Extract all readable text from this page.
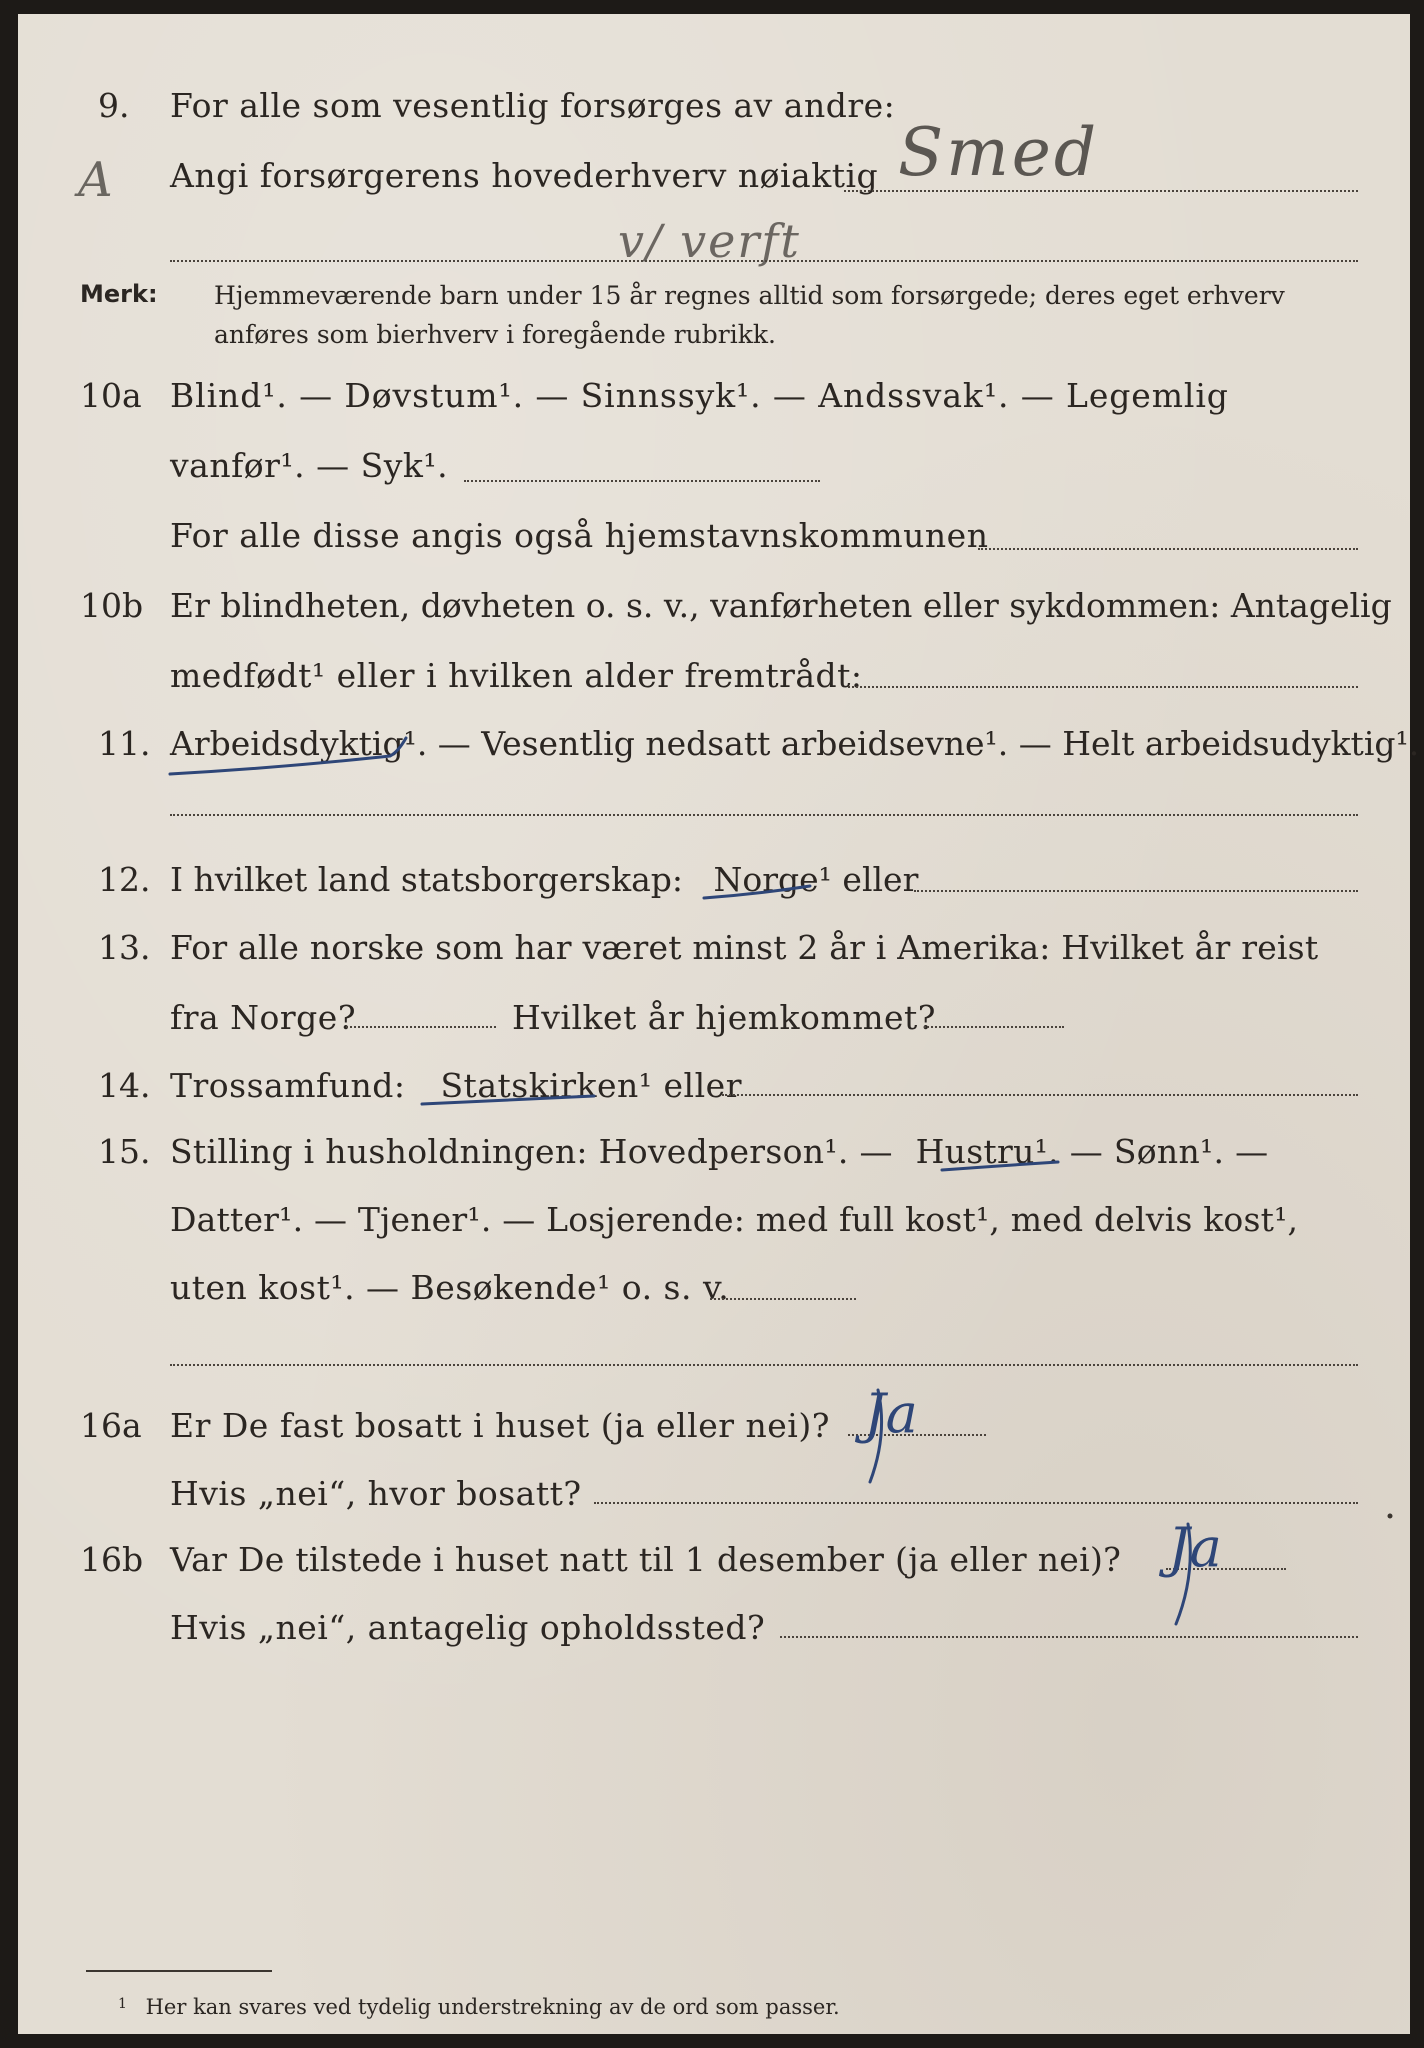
9. For alle som vesentlig forsørges av andre:
A Angi forsørgerens hovederhverv nøiaktig Smed
v/ verft
Merk: Hjemmeværende barn under 15 år regnes alltid som forsørgede; deres eget erhverv
anføres som bierhverv i foregående rubrikk.
10a Blind¹. — Døvstum¹. — Sinnssyk¹. — Andssvak¹. — Legemlig
vanfør¹. — Syk¹.
For alle disse angis også hjemstavnskommunen
10b Er blindheten, døvheten o. s. v., vanførheten eller sykdommen: Antagelig
medfødt¹ eller i hvilken alder fremtrådt:
11. Arbeidsdyktig¹. — Vesentlig nedsatt arbeidsevne¹. — Helt arbeidsudyktig¹.
12. I hvilket land statsborgerskap: Norge¹ eller
13. For alle norske som har været minst 2 år i Amerika: Hvilket år reist
fra Norge?	Hvilket år hjemkommet?
14. Trossamfund: Statskirken¹ eller
15. Stilling i husholdningen: Hovedperson¹. — Hustru¹. — Sønn¹. —
Datter¹. — Tjener¹. — Losjerende: med full kost¹, med delvis kost¹,
uten kost¹. — Besøkende¹ o. s. v.
16a Er De fast bosatt i huset (ja eller nei)? Ja
Hvis „nei“, hvor bosatt?
16b Var De tilstede i huset natt til 1 desember (ja eller nei)? Ja
Hvis „nei“, antagelig opholdssted?
$^1$ Her kan svares ved tydelig understrekning av de ord som passer.
